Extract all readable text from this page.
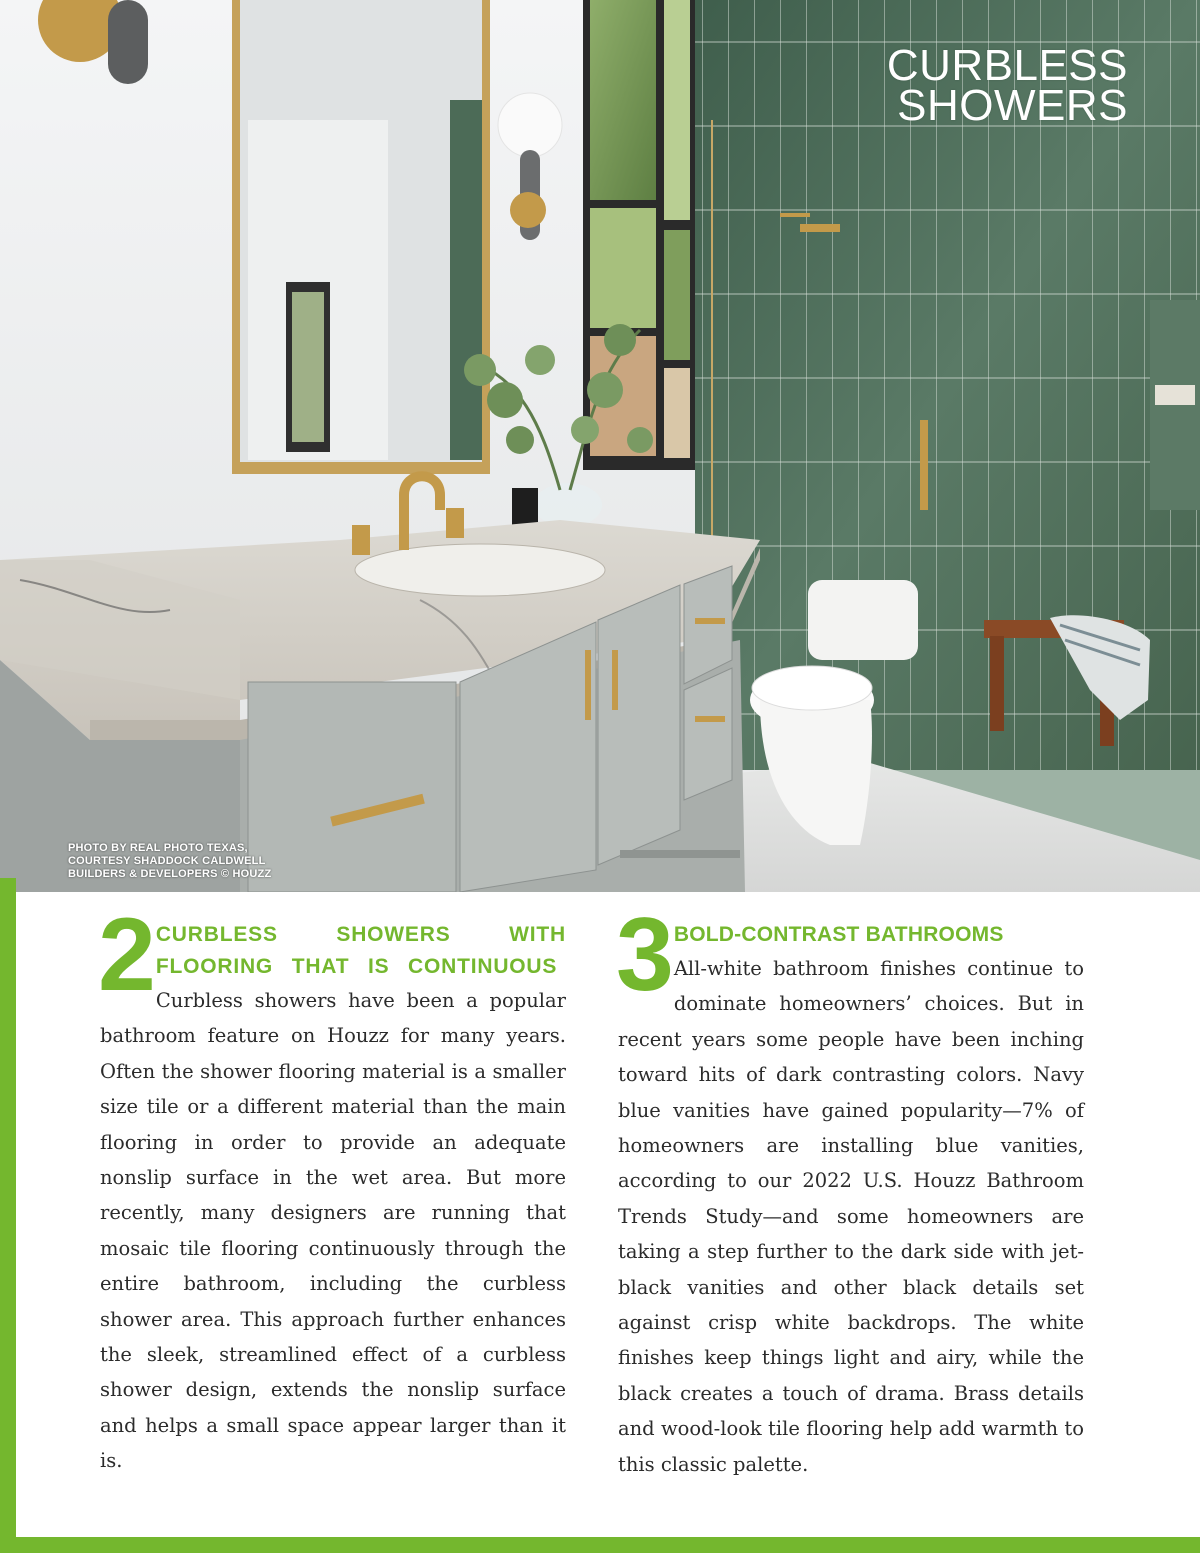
CURBLESS
SHOWERS

PHOTO BY REAL PHOTO TEXAS,
COURTESY SHADDOCK CALDWELL
BUILDERS & DEVELOPERS © HOUZZ

2 CURBLESS SHOWERS WITH FLOORING THAT IS CONTINUOUS

Curbless showers have been a popular bathroom feature on Houzz for many years. Often the shower flooring material is a smaller size tile or a different material than the main flooring in order to provide an adequate nonslip surface in the wet area. But more recently, many designers are running that mosaic tile flooring continuously through the entire bathroom, including the curbless shower area. This approach further enhances the sleek, streamlined effect of a curbless shower design, extends the nonslip surface and helps a small space appear larger than it is.

3 BOLD-CONTRAST BATHROOMS

All-white bathroom finishes continue to dominate homeowners’ choices. But in recent years some people have been inching toward hits of dark contrasting colors. Navy blue vanities have gained popularity—7% of homeowners are installing blue vanities, according to our 2022 U.S. Houzz Bathroom Trends Study—and some homeowners are taking a step further to the dark side with jet-black vanities and other black details set against crisp white backdrops. The white finishes keep things light and airy, while the black creates a touch of drama. Brass details and wood-look tile flooring help add warmth to this classic palette.
